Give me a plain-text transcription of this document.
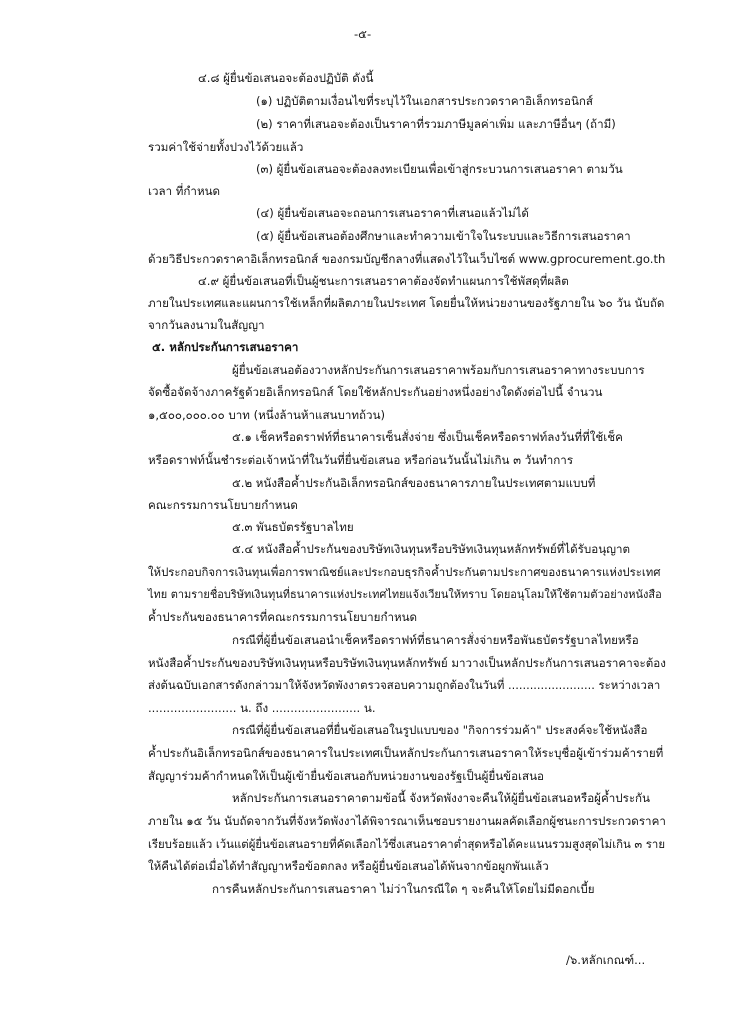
-๕-
๔.๘ ผู้ยื่นข้อเสนอจะต้องปฏิบัติ ดังนี้
(๑) ปฏิบัติตามเงื่อนไขที่ระบุไว้ในเอกสารประกวดราคาอิเล็กทรอนิกส์
(๒) ราคาที่เสนอจะต้องเป็นราคาที่รวมภาษีมูลค่าเพิ่ม และภาษีอื่นๆ (ถ้ามี)
รวมค่าใช้จ่ายทั้งปวงไว้ด้วยแล้ว
(๓) ผู้ยื่นข้อเสนอจะต้องลงทะเบียนเพื่อเข้าสู่กระบวนการเสนอราคา ตามวัน
เวลา ที่กำหนด
(๔) ผู้ยื่นข้อเสนอจะถอนการเสนอราคาที่เสนอแล้วไม่ได้
(๕) ผู้ยื่นข้อเสนอต้องศึกษาและทำความเข้าใจในระบบและวิธีการเสนอราคา
ด้วยวิธีประกวดราคาอิเล็กทรอนิกส์ ของกรมบัญชีกลางที่แสดงไว้ในเว็บไซต์ www.gprocurement.go.th
๔.๙ ผู้ยื่นข้อเสนอที่เป็นผู้ชนะการเสนอราคาต้องจัดทำแผนการใช้พัสดุที่ผลิต
ภายในประเทศและแผนการใช้เหล็กที่ผลิตภายในประเทศ โดยยื่นให้หน่วยงานของรัฐภายใน ๖๐ วัน นับถัด
จากวันลงนามในสัญญา
๕. หลักประกันการเสนอราคา
ผู้ยื่นข้อเสนอต้องวางหลักประกันการเสนอราคาพร้อมกับการเสนอราคาทางระบบการ
จัดซื้อจัดจ้างภาครัฐด้วยอิเล็กทรอนิกส์ โดยใช้หลักประกันอย่างหนึ่งอย่างใดดังต่อไปนี้ จำนวน
๑,๕๐๐,๐๐๐.๐๐ บาท (หนึ่งล้านห้าแสนบาทถ้วน)
๕.๑ เช็คหรือดราฟท์ที่ธนาคารเซ็นสั่งจ่าย ซึ่งเป็นเช็คหรือดราฟท์ลงวันที่ที่ใช้เช็ค
หรือดราฟท์นั้นชำระต่อเจ้าหน้าที่ในวันที่ยื่นข้อเสนอ หรือก่อนวันนั้นไม่เกิน ๓ วันทำการ
๕.๒ หนังสือค้ำประกันอิเล็กทรอนิกส์ของธนาคารภายในประเทศตามแบบที่
คณะกรรมการนโยบายกำหนด
๕.๓ พันธบัตรรัฐบาลไทย
๕.๔ หนังสือค้ำประกันของบริษัทเงินทุนหรือบริษัทเงินทุนหลักทรัพย์ที่ได้รับอนุญาต
ให้ประกอบกิจการเงินทุนเพื่อการพาณิชย์และประกอบธุรกิจค้ำประกันตามประกาศของธนาคารแห่งประเทศ
ไทย ตามรายชื่อบริษัทเงินทุนที่ธนาคารแห่งประเทศไทยแจ้งเวียนให้ทราบ โดยอนุโลมให้ใช้ตามตัวอย่างหนังสือ
ค้ำประกันของธนาคารที่คณะกรรมการนโยบายกำหนด
กรณีที่ผู้ยื่นข้อเสนอนำเช็คหรือดราฟท์ที่ธนาคารสั่งจ่ายหรือพันธบัตรรัฐบาลไทยหรือ
หนังสือค้ำประกันของบริษัทเงินทุนหรือบริษัทเงินทุนหลักทรัพย์ มาวางเป็นหลักประกันการเสนอราคาจะต้อง
ส่งต้นฉบับเอกสารดังกล่าวมาให้จังหวัดพังงาตรวจสอบความถูกต้องในวันที่ ........................ ระหว่างเวลา
........................ น. ถึง ........................ น.
กรณีที่ผู้ยื่นข้อเสนอที่ยื่นข้อเสนอในรูปแบบของ "กิจการร่วมค้า" ประสงค์จะใช้หนังสือ
ค้ำประกันอิเล็กทรอนิกส์ของธนาคารในประเทศเป็นหลักประกันการเสนอราคาให้ระบุชื่อผู้เข้าร่วมค้ารายที่
สัญญาร่วมค้ากำหนดให้เป็นผู้เข้ายื่นข้อเสนอกับหน่วยงานของรัฐเป็นผู้ยื่นข้อเสนอ
หลักประกันการเสนอราคาตามข้อนี้ จังหวัดพังงาจะคืนให้ผู้ยื่นข้อเสนอหรือผู้ค้ำประกัน
ภายใน ๑๕ วัน นับถัดจากวันที่จังหวัดพังงาได้พิจารณาเห็นชอบรายงานผลคัดเลือกผู้ชนะการประกวดราคา
เรียบร้อยแล้ว เว้นแต่ผู้ยื่นข้อเสนอรายที่คัดเลือกไว้ซึ่งเสนอราคาต่ำสุดหรือได้คะแนนรวมสูงสุดไม่เกิน ๓ ราย
ให้คืนได้ต่อเมื่อได้ทำสัญญาหรือข้อตกลง หรือผู้ยื่นข้อเสนอได้พ้นจากข้อผูกพันแล้ว
การคืนหลักประกันการเสนอราคา ไม่ว่าในกรณีใด ๆ จะคืนให้โดยไม่มีดอกเบี้ย
/๖.หลักเกณฑ์...
